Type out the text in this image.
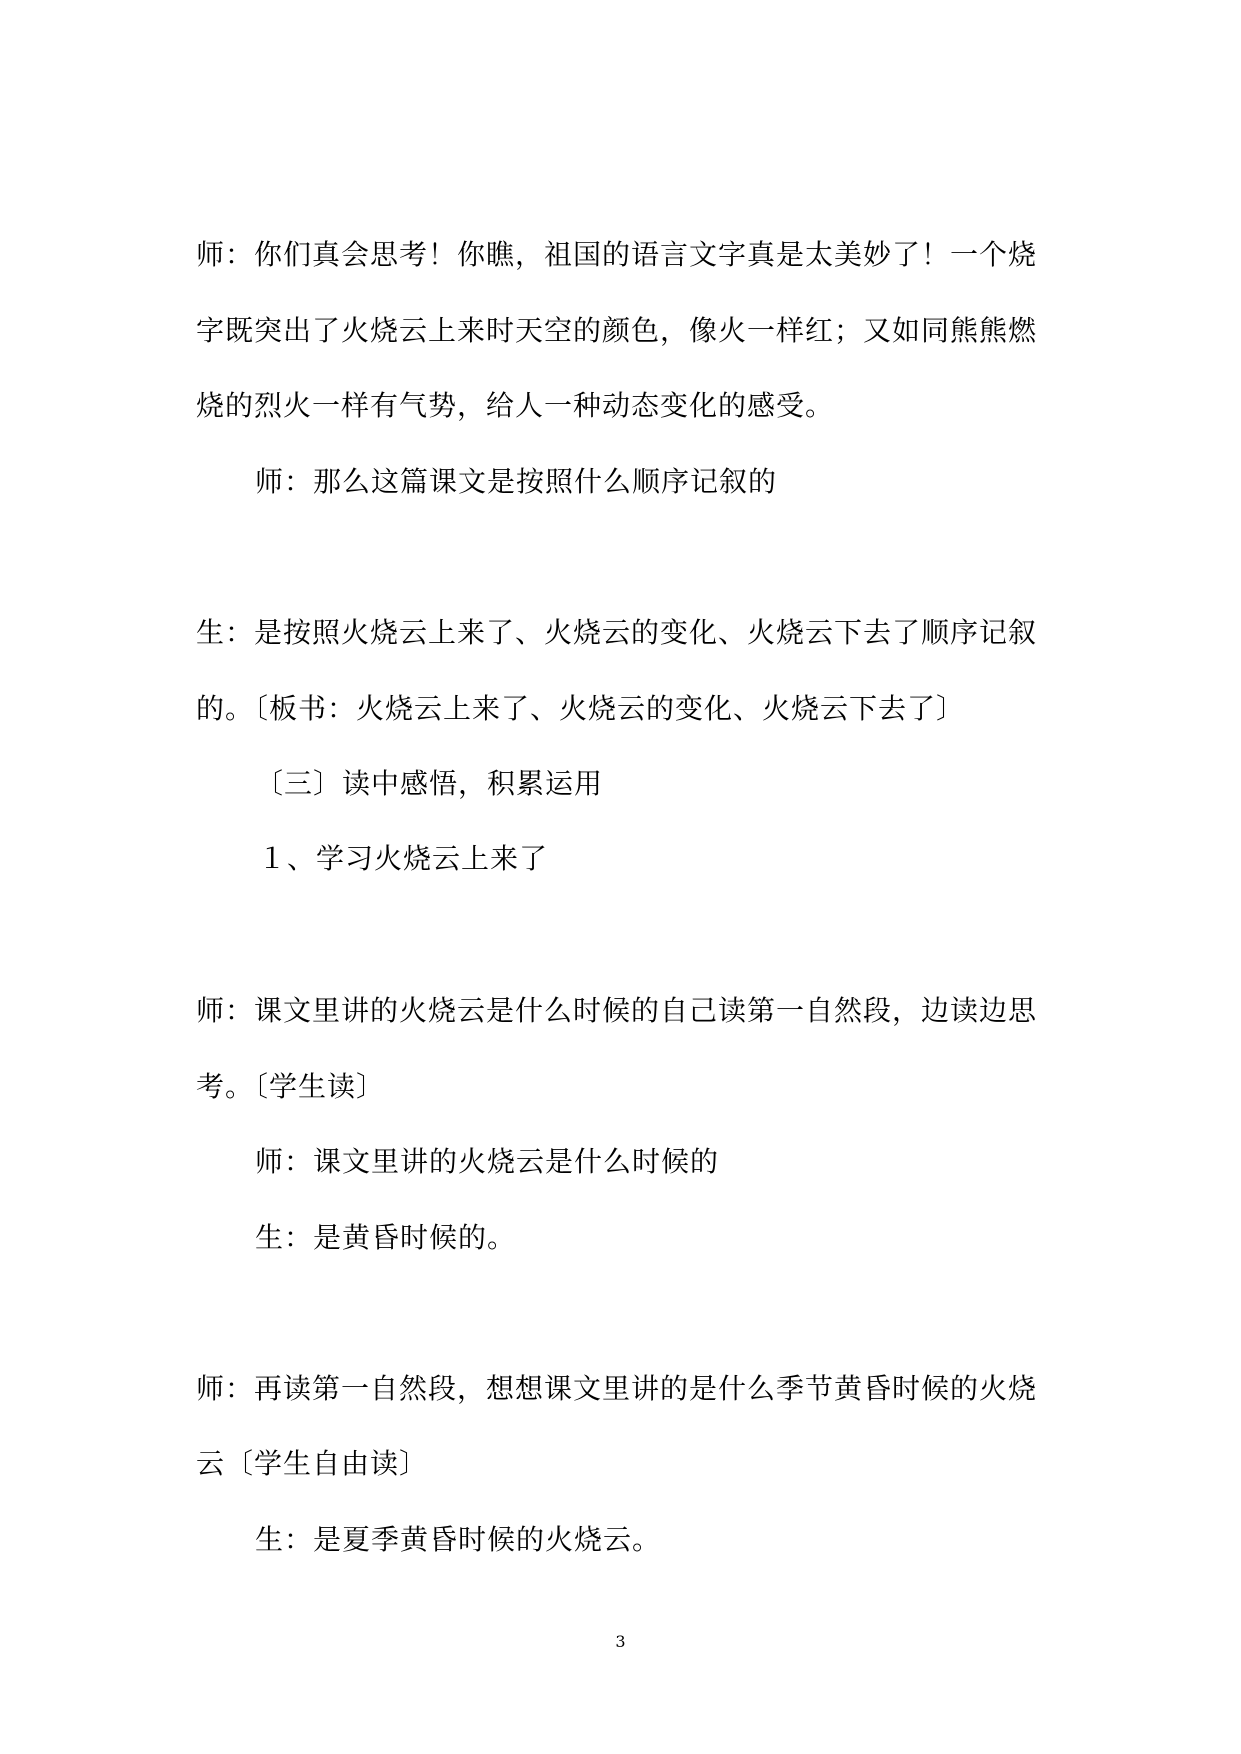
师：你们真会思考！你瞧，祖国的语言文字真是太美妙了！一个烧
字既突出了火烧云上来时天空的颜色，像火一样红；又如同熊熊燃
烧的烈火一样有气势，给人一种动态变化的感受。
师：那么这篇课文是按照什么顺序记叙的
生：是按照火烧云上来了、火烧云的变化、火烧云下去了顺序记叙
的。〔板书：火烧云上来了、火烧云的变化、火烧云下去了〕
〔三〕读中感悟，积累运用
１、学习火烧云上来了
师：课文里讲的火烧云是什么时候的自己读第一自然段，边读边思
考。〔学生读〕
师：课文里讲的火烧云是什么时候的
生：是黄昏时候的。
师：再读第一自然段，想想课文里讲的是什么季节黄昏时候的火烧
云〔学生自由读〕
生：是夏季黄昏时候的火烧云。
3
